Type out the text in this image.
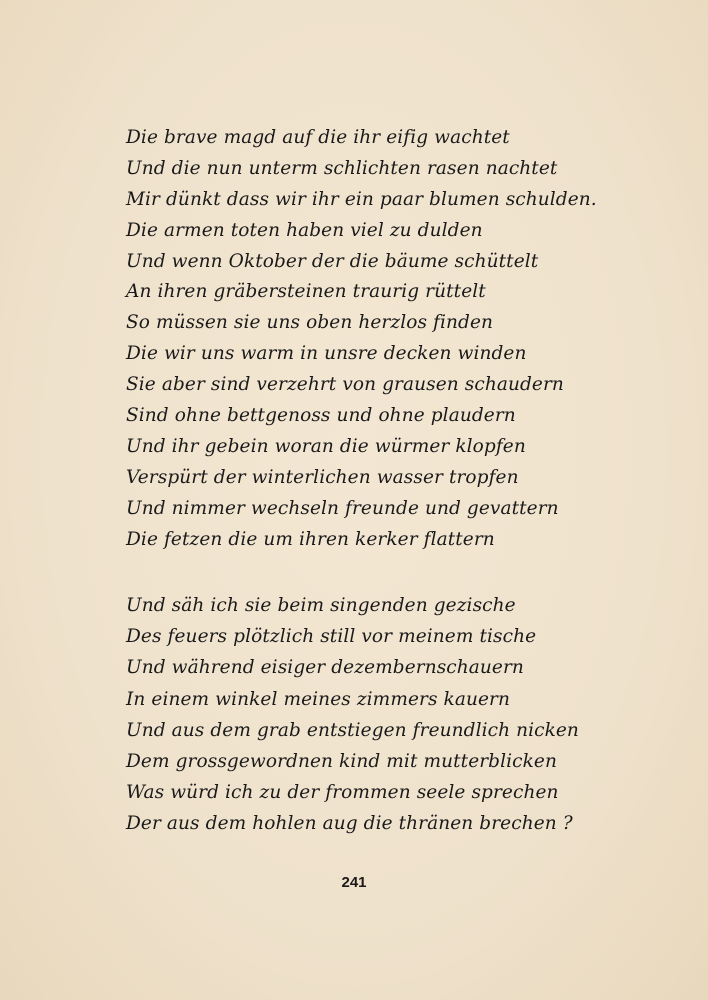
Die brave magd auf die ihr eifig wachtet
Und die nun unterm schlichten rasen nachtet
Mir dünkt dass wir ihr ein paar blumen schulden.
Die armen toten haben viel zu dulden
Und wenn Oktober der die bäume schüttelt
An ihren gräbersteinen traurig rüttelt
So müssen sie uns oben herzlos finden
Die wir uns warm in unsre decken winden
Sie aber sind verzehrt von grausen schaudern
Sind ohne bettgenoss und ohne plaudern
Und ihr gebein woran die würmer klopfen
Verspürt der winterlichen wasser tropfen
Und nimmer wechseln freunde und gevattern
Die fetzen die um ihren kerker flattern
Und säh ich sie beim singenden gezische
Des feuers plötzlich still vor meinem tische
Und während eisiger dezembernschauern
In einem winkel meines zimmers kauern
Und aus dem grab entstiegen freundlich nicken
Dem grossgewordnen kind mit mutterblicken
Was würd ich zu der frommen seele sprechen
Der aus dem hohlen aug die thränen brechen ?
241
